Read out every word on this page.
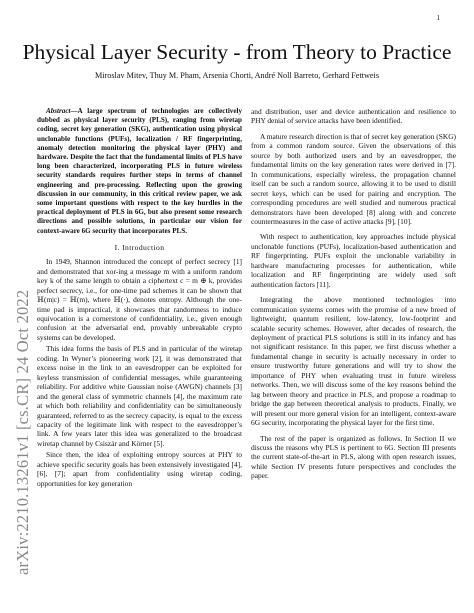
1
arXiv:2210.13261v1 [cs.CR] 24 Oct 2022
Physical Layer Security - from Theory to Practice
Miroslav Mitev, Thuy M. Pham, Arsenia Chorti, André Noll Barreto, Gerhard Fettweis

Abstract—A large spectrum of technologies are collectively dubbed as physical layer security (PLS), ranging from wiretap coding, secret key generation (SKG), authentication using physical unclonable functions (PUFs), localization / RF fingerprinting, anomaly detection monitoring the physical layer (PHY) and hardware. Despite the fact that the fundamental limits of PLS have long been characterized, incorporating PLS in future wireless security standards requires further steps in terms of channel engineering and pre-processing. Reflecting upon the growing discussion in our community, in this critical review paper, we ask some important questions with respect to the key hurdles in the practical deployment of PLS in 6G, but also present some research directions and possible solutions, in particular our vision for context-aware 6G security that incorporates PLS.

I. Introduction

In 1949, Shannon introduced the concept of perfect secrecy [1] and demonstrated that xor-ing a message m with a uniform random key k of the same length to obtain a ciphertext c = m ⊕ k, provides perfect secrecy, i.e., for one-time pad schemes it can be shown that ℍ(m|c) = ℍ(m), where ℍ(·), denotes entropy. Although the one-time pad is impractical, it showcases that randomness to induce equivocation is a cornerstone of confidentiality, i.e., given enough confusion at the adversarial end, provably unbreakable crypto systems can be developed.

This idea forms the basis of PLS and in particular of the wiretap coding. In Wyner’s pioneering work [2], it was demonstrated that excess noise in the link to an eavesdropper can be exploited for keyless transmission of confidential messages, while guaranteeing reliability. For additive white Gaussian noise (AWGN) channels [3] and the general class of symmetric channels [4], the maximum rate at which both reliability and confidentiality can be simultaneously guaranteed, referred to as the secrecy capacity, is equal to the excess capacity of the legitimate link with respect to the eavesdropper’s link. A few years later this idea was generalized to the broadcast wiretap channel by Csiszár and Körner [5].

Since then, the idea of exploiting entropy sources at PHY to achieve specific security goals has been extensively investigated [4], [6], [7]; apart from confidentiality using wiretap coding, opportunities for key generation

and distribution, user and device authentication and resilience to PHY denial of service attacks have been identified.

A mature research direction is that of secret key generation (SKG) from a common random source. Given the observations of this source by both authorized users and by an eavesdropper, the fundamental limits on the key generation rates were derived in [7]. In communications, especially wireless, the propagation channel itself can be such a random source, allowing it to be used to distill secret keys, which can be used for pairing and encryption. The corresponding procedures are well studied and numerous practical demonstrators have been developed [8] along with and concrete countermeasures in the case of active attacks [9], [10].

With respect to authentication, key approaches include physical unclonable functions (PUFs), localization-based authentication and RF fingerprinting. PUFs exploit the unclonable variability in hardware manufacturing processes for authentication, while localization and RF fingerprinting are widely used soft authentication factors [11].

Integrating the above mentioned technologies into communication systems comes with the promise of a new breed of lightweight, quantum resilient, low-latency, low-footprint and scalable security schemes. However, after decades of research, the deployment of practical PLS solutions is still in its infancy and has not significant resistance. In this paper, we first discuss whether a fundamental change in security is actually necessary in order to ensure trustworthy future generations and will try to show the importance of PHY when evaluating trust in future wireless networks. Then, we will discuss some of the key reasons behind the lag between theory and practice in PLS, and propose a roadmap to bridge the gap between theoretical analysis to products. Finally, we will present our more general vision for an intelligent, context-aware 6G security, incorporating the physical layer for the first time.

The rest of the paper is organized as follows. In Section II we discuss the reasons why PLS is pertinent to 6G. Section III presents the current state-of-the-art in PLS, along with open research issues, while Section IV presents future perspectives and concludes the paper.
